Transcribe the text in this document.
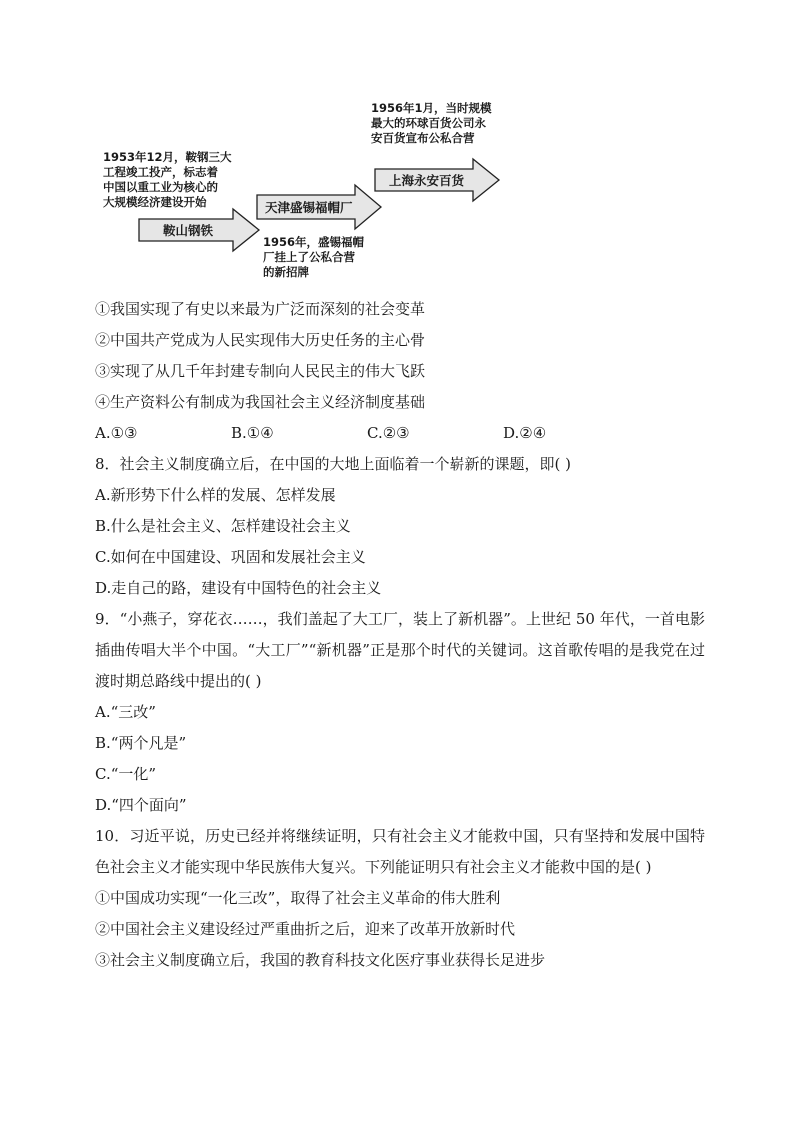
1953年12月，鞍钢三大
工程竣工投产，标志着
中国以重工业为核心的
大规模经济建设开始
1956年，盛锡福帽
厂挂上了公私合营
的新招牌
1956年1月，当时规模
最大的环球百货公司永
安百货宣布公私合营
鞍山钢铁
天津盛锡福帽厂
上海永安百货
①我国实现了有史以来最为广泛而深刻的社会变革
②中国共产党成为人民实现伟大历史任务的主心骨
③实现了从几千年封建专制向人民民主的伟大飞跃
④生产资料公有制成为我国社会主义经济制度基础
A.①③	B.①④	C.②③	D.②④
8．社会主义制度确立后，在中国的大地上面临着一个崭新的课题，即( )
A.新形势下什么样的发展、怎样发展
B.什么是社会主义、怎样建设社会主义
C.如何在中国建设、巩固和发展社会主义
D.走自己的路，建设有中国特色的社会主义
9．“小燕子，穿花衣……，我们盖起了大工厂，装上了新机器”。上世纪 50 年代，一首电影插曲传唱大半个中国。“大工厂”“新机器”正是那个时代的关键词。这首歌传唱的是我党在过渡时期总路线中提出的( )
A.“三改”
B.“两个凡是”
C.“一化”
D.“四个面向”
10．习近平说，历史已经并将继续证明，只有社会主义才能救中国，只有坚持和发展中国特色社会主义才能实现中华民族伟大复兴。下列能证明只有社会主义才能救中国的是( )
①中国成功实现“一化三改”，取得了社会主义革命的伟大胜利
②中国社会主义建设经过严重曲折之后，迎来了改革开放新时代
③社会主义制度确立后，我国的教育科技文化医疗事业获得长足进步
